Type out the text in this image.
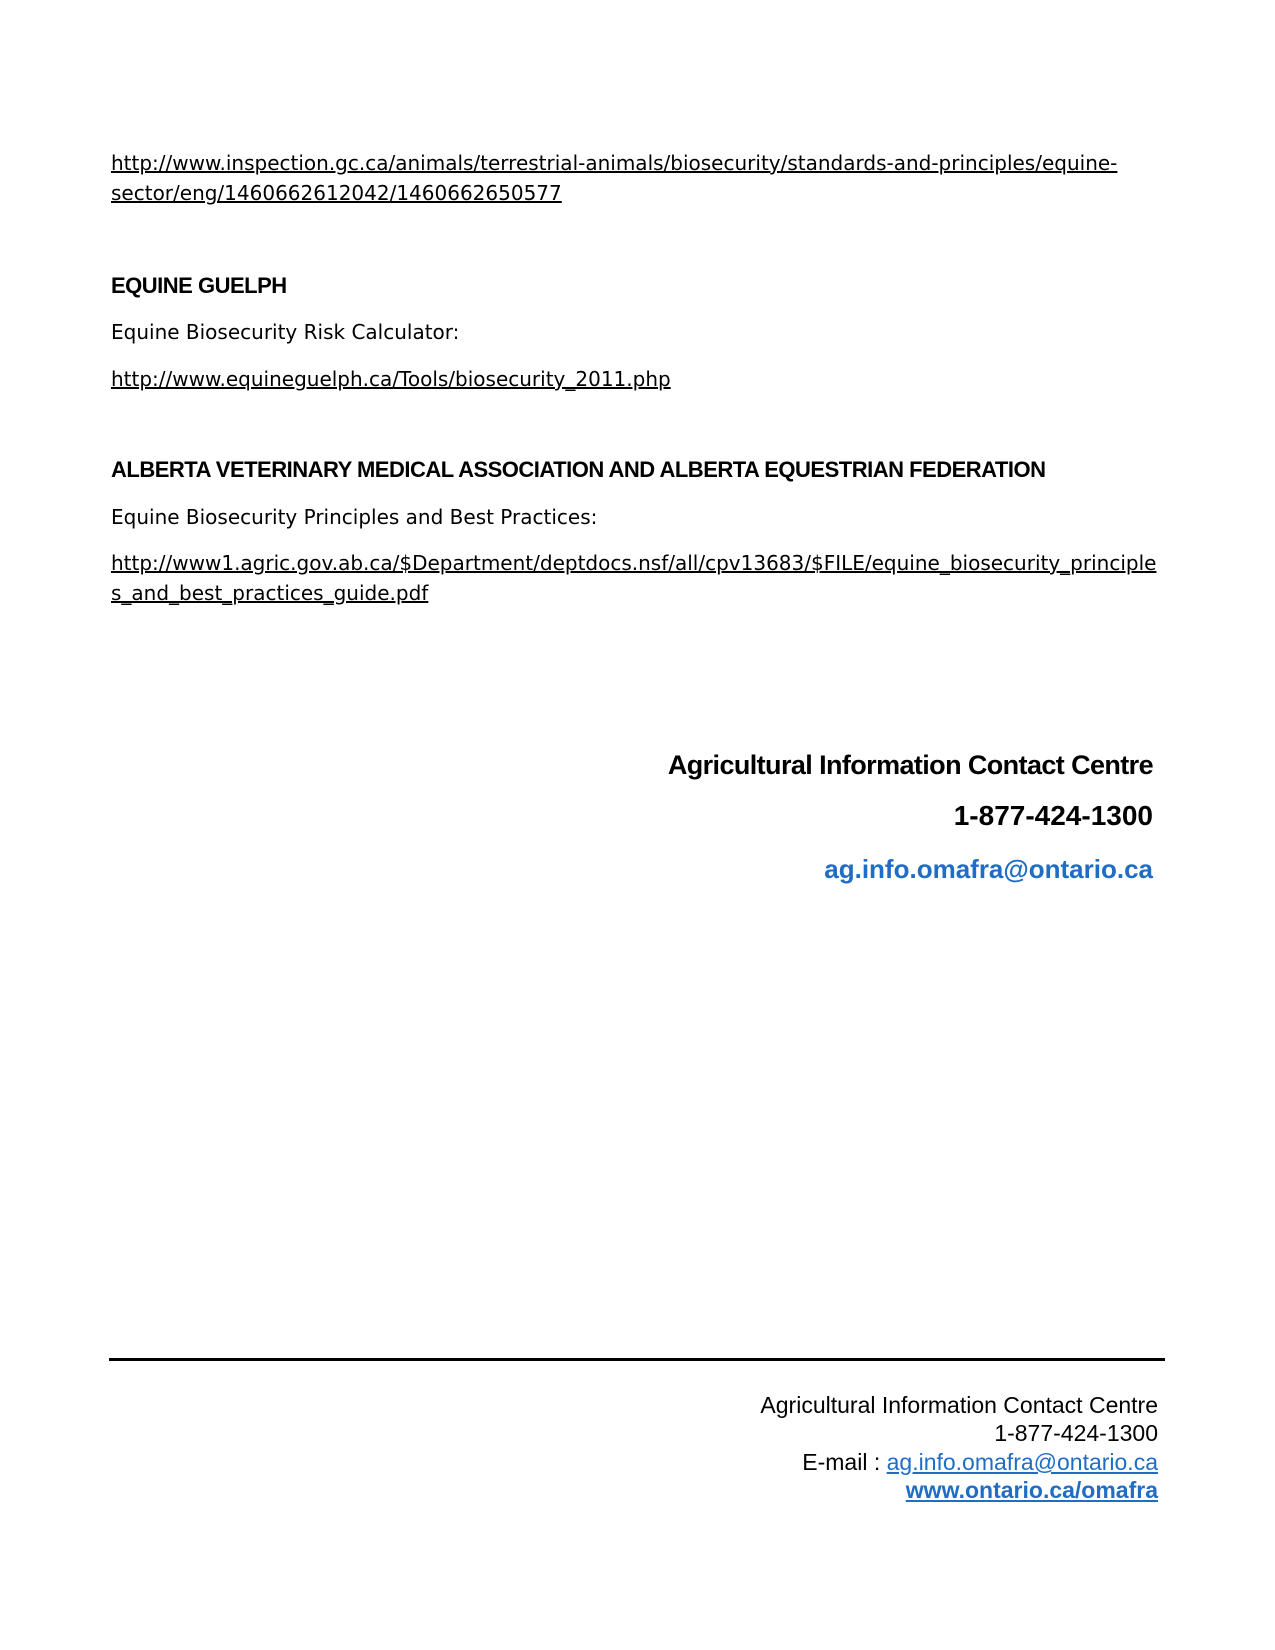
http://www.inspection.gc.ca/animals/terrestrial-animals/biosecurity/standards-and-principles/equine-sector/eng/1460662612042/1460662650577
EQUINE GUELPH
Equine Biosecurity Risk Calculator:
http://www.equineguelph.ca/Tools/biosecurity_2011.php
ALBERTA VETERINARY MEDICAL ASSOCIATION AND ALBERTA EQUESTRIAN FEDERATION
Equine Biosecurity Principles and Best Practices:
http://www1.agric.gov.ab.ca/$Department/deptdocs.nsf/all/cpv13683/$FILE/equine_biosecurity_principles_and_best_practices_guide.pdf
Agricultural Information Contact Centre
1-877-424-1300
ag.info.omafra@ontario.ca
Agricultural Information Contact Centre
1-877-424-1300
E-mail : ag.info.omafra@ontario.ca
www.ontario.ca/omafra
